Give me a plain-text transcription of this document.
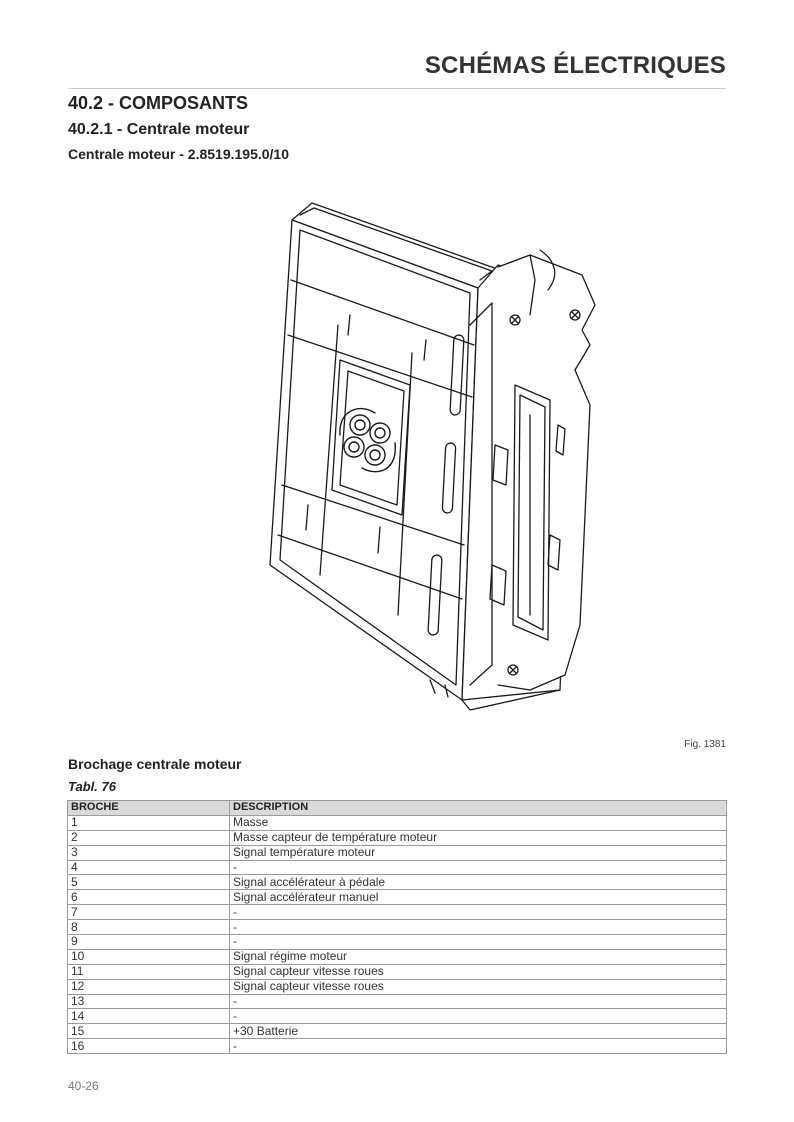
SCHÉMAS ÉLECTRIQUES
40.2 - COMPOSANTS
40.2.1 - Centrale moteur
Centrale moteur - 2.8519.195.0/10
Fig. 1381
Brochage centrale moteur
Tabl. 76
BROCHE	DESCRIPTION
1	Masse
2	Masse capteur de température moteur
3	Signal température moteur
4	-
5	Signal accélérateur à pédale
6	Signal accélérateur manuel
7	-
8	-
9	-
10	Signal régime moteur
11	Signal capteur vitesse roues
12	Signal capteur vitesse roues
13	-
14	-
15	+30 Batterie
16	-
40-26
